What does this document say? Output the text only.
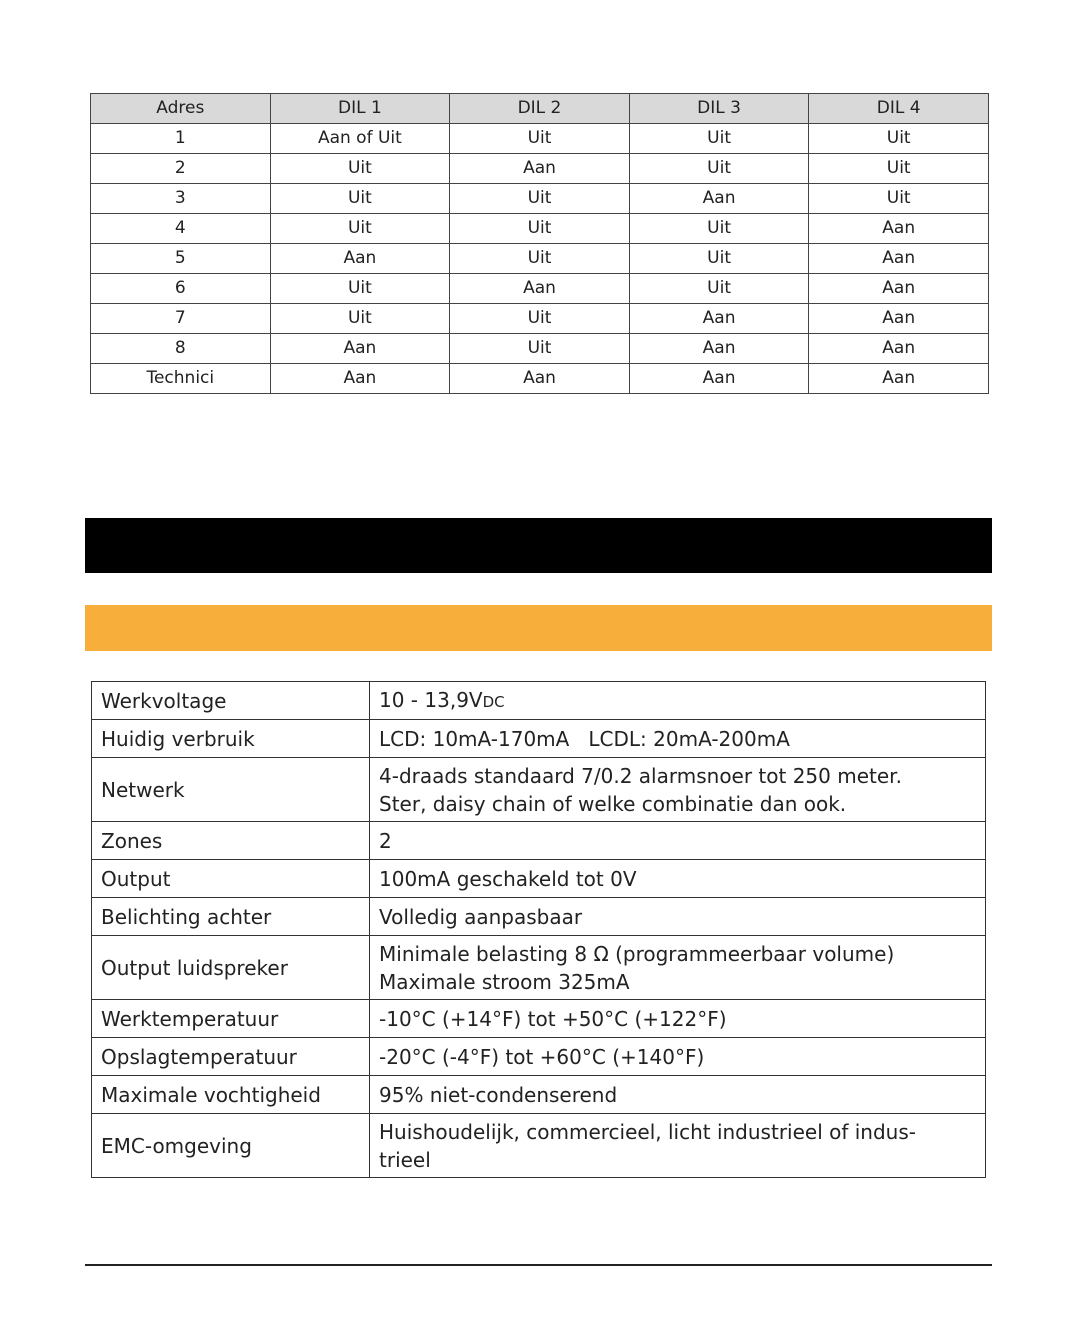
Adres	DIL 1	DIL 2	DIL 3	DIL 4
1	Aan of Uit	Uit	Uit	Uit
2	Uit	Aan	Uit	Uit
3	Uit	Uit	Aan	Uit
4	Uit	Uit	Uit	Aan
5	Aan	Uit	Uit	Aan
6	Uit	Aan	Uit	Aan
7	Uit	Uit	Aan	Aan
8	Aan	Uit	Aan	Aan
Technici	Aan	Aan	Aan	Aan
Werkvoltage	10 - 13,9VDC
Huidig verbruik	LCD: 10mA-170mA   LCDL: 20mA-200mA
Netwerk	4-draads standaard 7/0.2 alarmsnoer tot 250 meter.
Ster, daisy chain of welke combinatie dan ook.

Zones	2
Output	100mA geschakeld tot 0V
Belichting achter	Volledig aanpasbaar
Output luidspreker	Minimale belasting 8 Ω (programmeerbaar volume)
Maximale stroom 325mA

Werktemperatuur	-10°C (+14°F) tot +50°C (+122°F)
Opslagtemperatuur	-20°C (-4°F) tot +60°C (+140°F)
Maximale vochtigheid	95% niet-condenserend
EMC-omgeving	Huishoudelijk, commercieel, licht industrieel of indus-
trieel
